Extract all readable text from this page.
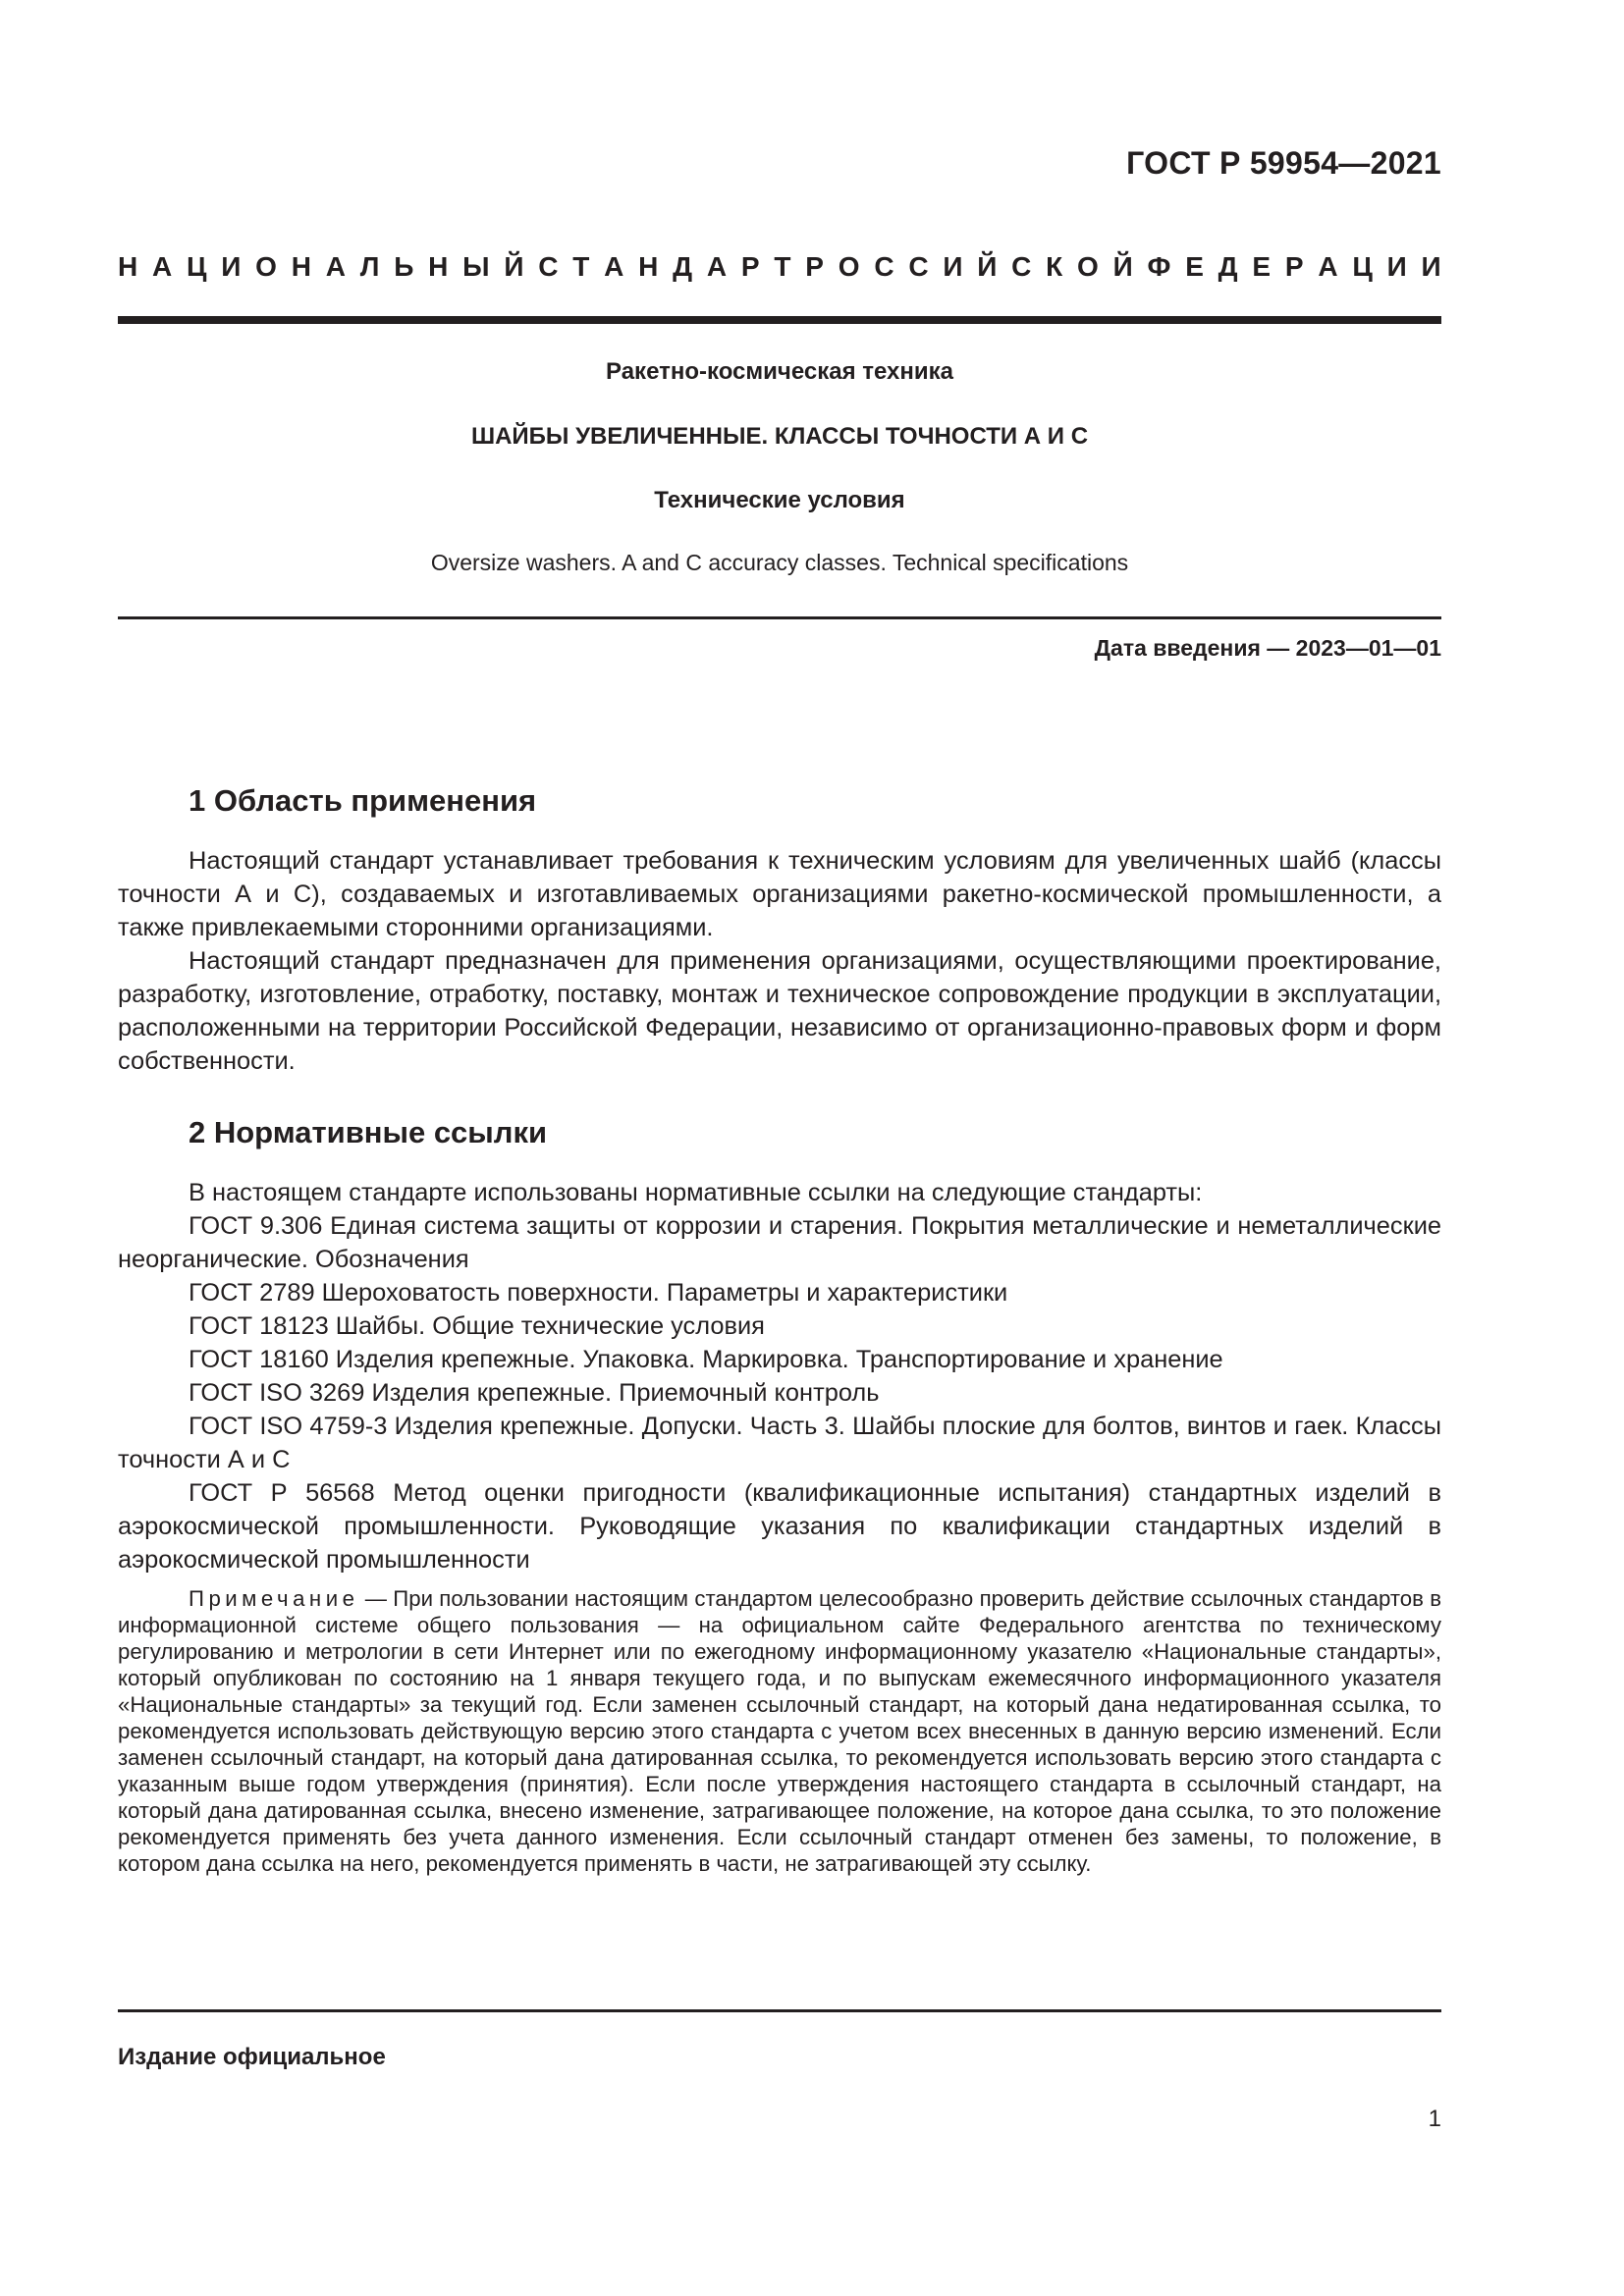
ГОСТ Р 59954—2021
Н А Ц И О Н А Л Ь Н Ы Й С Т А Н Д А Р Т Р О С С И Й С К О Й Ф Е Д Е Р А Ц И И
Ракетно-космическая техника
ШАЙБЫ УВЕЛИЧЕННЫЕ. КЛАССЫ ТОЧНОСТИ А И С
Технические условия
Oversize washers. A and C accuracy classes. Technical specifications
Дата введения — 2023—01—01
1 Область применения

Настоящий стандарт устанавливает требования к техническим условиям для увеличенных шайб (классы точности А и С), создаваемых и изготавливаемых организациями ракетно-космической промышленности, а также привлекаемыми сторонними организациями.

Настоящий стандарт предназначен для применения организациями, осуществляющими проектирование, разработку, изготовление, отработку, поставку, монтаж и техническое сопровождение продукции в эксплуатации, расположенными на территории Российской Федерации, независимо от организационно-правовых форм и форм собственности.

2 Нормативные ссылки

В настоящем стандарте использованы нормативные ссылки на следующие стандарты:

ГОСТ 9.306 Единая система защиты от коррозии и старения. Покрытия металлические и неметаллические неорганические. Обозначения

ГОСТ 2789 Шероховатость поверхности. Параметры и характеристики

ГОСТ 18123 Шайбы. Общие технические условия

ГОСТ 18160 Изделия крепежные. Упаковка. Маркировка. Транспортирование и хранение

ГОСТ ISO 3269 Изделия крепежные. Приемочный контроль

ГОСТ ISO 4759-3 Изделия крепежные. Допуски. Часть 3. Шайбы плоские для болтов, винтов и гаек. Классы точности А и С

ГОСТ Р 56568 Метод оценки пригодности (квалификационные испытания) стандартных изделий в аэрокосмической промышленности. Руководящие указания по квалификации стандартных изделий в аэрокосмической промышленности

Примечание — При пользовании настоящим стандартом целесообразно проверить действие ссылочных стандартов в информационной системе общего пользования — на официальном сайте Федерального агентства по техническому регулированию и метрологии в сети Интернет или по ежегодному информационному указателю «Национальные стандарты», который опубликован по состоянию на 1 января текущего года, и по выпускам ежемесячного информационного указателя «Национальные стандарты» за текущий год. Если заменен ссылочный стандарт, на который дана недатированная ссылка, то рекомендуется использовать действующую версию этого стандарта с учетом всех внесенных в данную версию изменений. Если заменен ссылочный стандарт, на который дана датированная ссылка, то рекомендуется использовать версию этого стандарта с указанным выше годом утверждения (принятия). Если после утверждения настоящего стандарта в ссылочный стандарт, на который дана датированная ссылка, внесено изменение, затрагивающее положение, на которое дана ссылка, то это положение рекомендуется применять без учета данного изменения. Если ссылочный стандарт отменен без замены, то положение, в котором дана ссылка на него, рекомендуется применять в части, не затрагивающей эту ссылку.

Издание официальное
1
